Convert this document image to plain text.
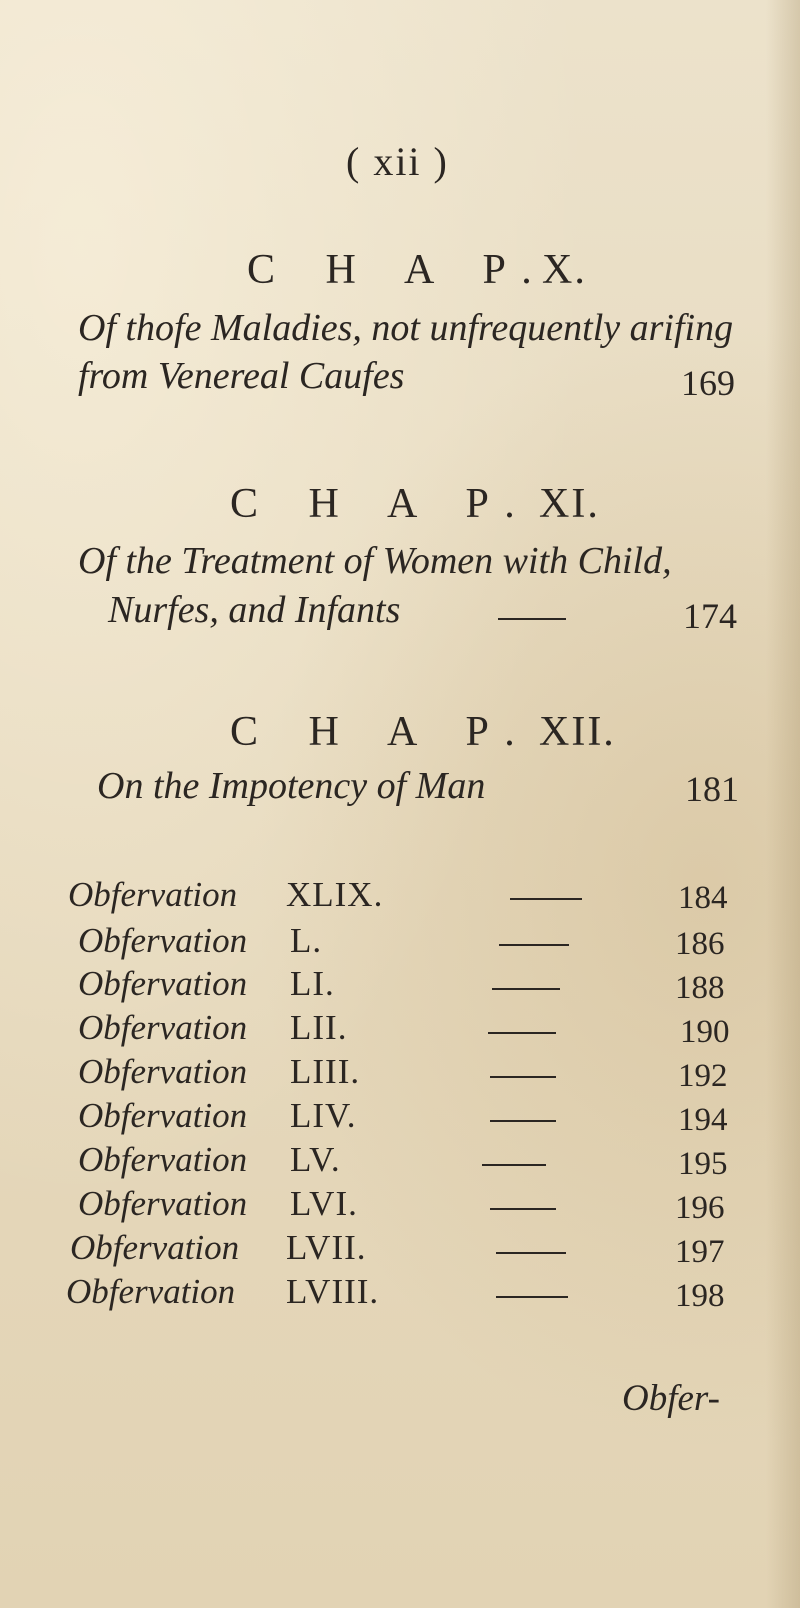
( xii )
C H A P.
X.
Of thofe Maladies, not unfrequently arifing
from Venereal Caufes	169
C H A P. XI.
Of the Treatment of Women with Child,
Nurfes, and Infants	174
C H A P. XII.
On the Impotency of Man	181
Obfervation XLIX.	184
Obfervation L.	186
Obfervation LI.	188
Obfervation LII.	190
Obfervation LIII.	192
Obfervation LIV.	194
Obfervation LV.	195
Obfervation LVI.	196
Obfervation LVII.	197
Obfervation LVIII.	198
Obfer-
